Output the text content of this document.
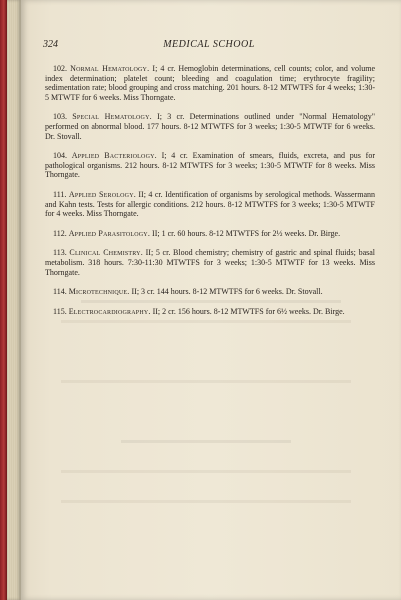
324	MEDICAL SCHOOL

102. Normal Hematology. I; 4 cr. Hemoglobin determinations, cell counts; color, and volume index determination; platelet count; bleeding and coagulation time; erythrocyte fragility; sedimentation rate; blood grouping and cross matching. 201 hours. 8-12 MTWTFS for 4 weeks; 1:30-5 MTWTF for 6 weeks. Miss Thorngate.

103. Special Hematology. I; 3 cr. Determinations outlined under "Normal Hematology" performed on abnormal blood. 177 hours. 8-12 MTWTFS for 3 weeks; 1:30-5 MTWTF for 6 weeks. Dr. Stovall.

104. Applied Bacteriology. I; 4 cr. Examination of smears, fluids, excreta, and pus for pathological organisms. 212 hours. 8-12 MTWTFS for 3 weeks; 1:30-5 MTWTF for 8 weeks. Miss Thorngate.

111. Applied Serology. II; 4 cr. Identification of organisms by serological methods. Wassermann and Kahn tests. Tests for allergic conditions. 212 hours. 8-12 MTWTFS for 3 weeks; 1:30-5 MTWTF for 4 weeks. Miss Thorngate.

112. Applied Parasitology. II; 1 cr. 60 hours. 8-12 MTWTFS for 2½ weeks. Dr. Birge.

113. Clinical Chemistry. II; 5 cr. Blood chemistry; chemistry of gastric and spinal fluids; basal metabolism. 318 hours. 7:30-11:30 MTWTFS for 3 weeks; 1:30-5 MTWTF for 13 weeks. Miss Thorngate.

114. Microtechnique. II; 3 cr. 144 hours. 8-12 MTWTFS for 6 weeks. Dr. Stovall.

115. Electrocardiography. II; 2 cr. 156 hours. 8-12 MTWTFS for 6½ weeks. Dr. Birge.
